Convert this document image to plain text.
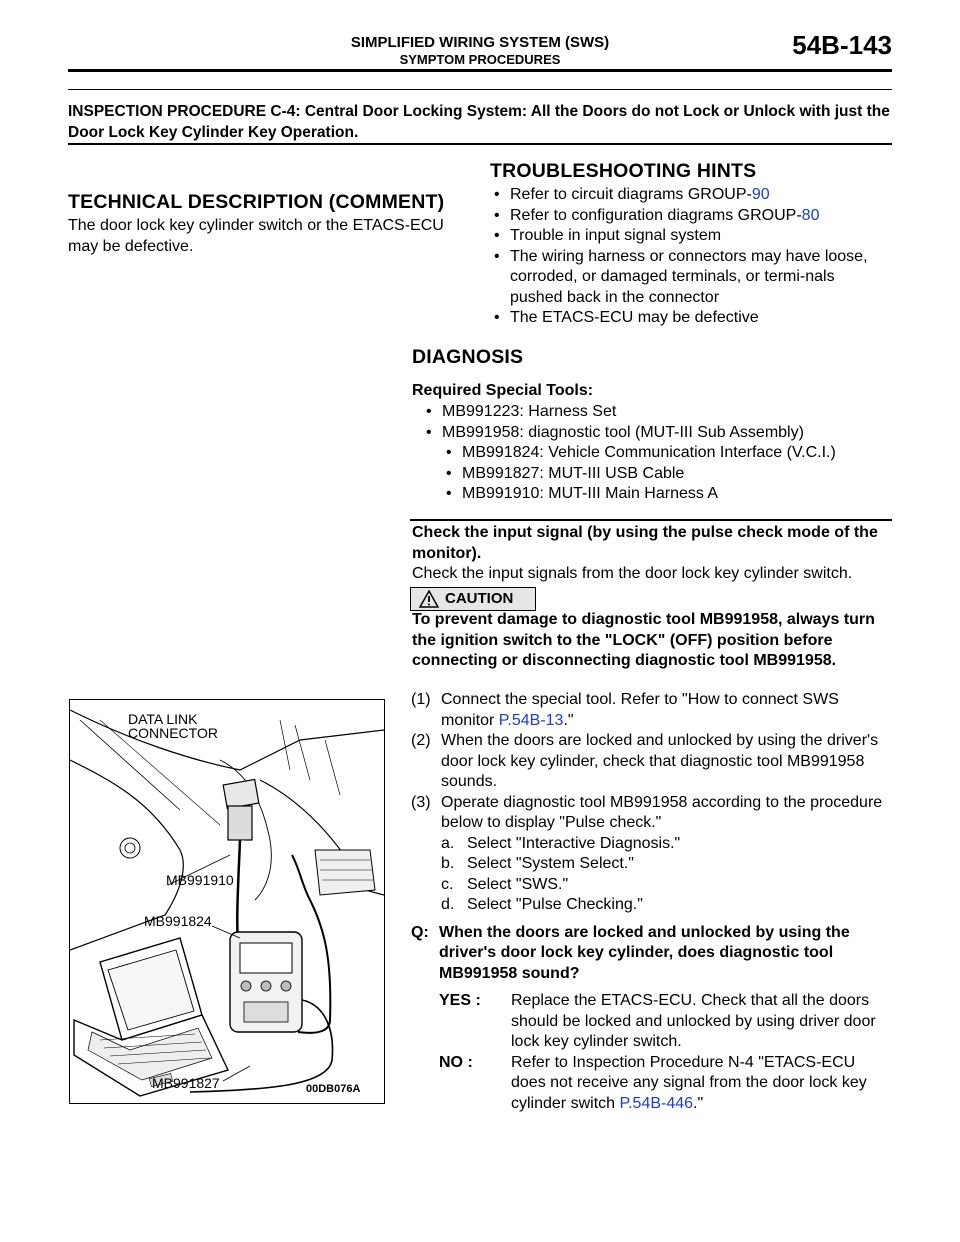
SIMPLIFIED WIRING SYSTEM (SWS)
SYMPTOM PROCEDURES	54B-143
INSPECTION PROCEDURE C-4: Central Door Locking System: All the Doors do not Lock or Unlock with just the Door Lock Key Cylinder Key Operation.
TECHNICAL DESCRIPTION (COMMENT)
The door lock key cylinder switch or the ETACS-ECU may be defective.
TROUBLESHOOTING HINTS
• Refer to circuit diagrams GROUP-90
• Refer to configuration diagrams GROUP-80
• Trouble in input signal system
• The wiring harness or connectors may have loose, corroded, or damaged terminals, or termi-nals pushed back in the connector
• The ETACS-ECU may be defective
DIAGNOSIS
Required Special Tools:
• MB991223: Harness Set
• MB991958: diagnostic tool (MUT-III Sub Assembly)
• MB991824: Vehicle Communication Interface (V.C.I.)
• MB991827: MUT-III USB Cable
• MB991910: MUT-III Main Harness A
Check the input signal (by using the pulse check mode of the monitor).
Check the input signals from the door lock key cylinder switch.
CAUTION
To prevent damage to diagnostic tool MB991958, always turn the ignition switch to the "LOCK" (OFF) position before connecting or disconnecting diagnostic tool MB991958.
(1) Connect the special tool. Refer to "How to connect SWS monitor P.54B-13."
(2) When the doors are locked and unlocked by using the driver's door lock key cylinder, check that diagnostic tool MB991958 sounds.
(3) Operate diagnostic tool MB991958 according to the procedure below to display "Pulse check."
a. Select "Interactive Diagnosis."
b. Select "System Select."
c. Select "SWS."
d. Select "Pulse Checking."
Q: When the doors are locked and unlocked by using the driver's door lock key cylinder, does diagnostic tool MB991958 sound?
YES : Replace the ETACS-ECU. Check that all the doors should be locked and unlocked by using driver door lock key cylinder switch.
NO : Refer to Inspection Procedure N-4 "ETACS-ECU does not receive any signal from the door lock key cylinder switch P.54B-446."
DATA LINK
CONNECTOR
MB991910
MB991824
MB991827	00DB076A
